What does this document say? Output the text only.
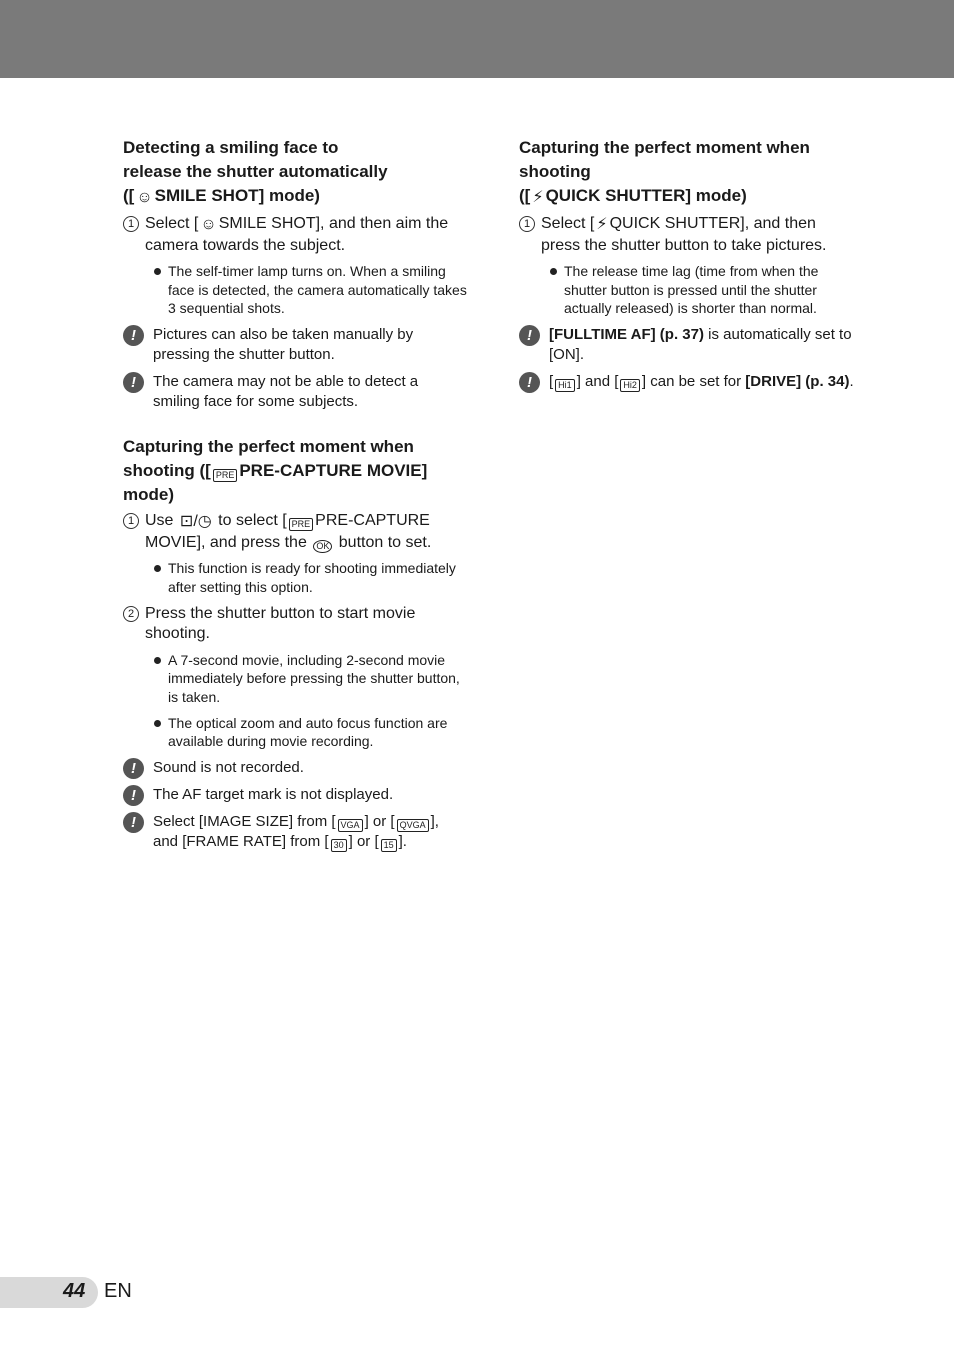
Detecting a smiling face to
release the shutter automatically
([ ☺ SMILE SHOT] mode)
1 Select [ ☺ SMILE SHOT], and then aim the camera towards the subject.
The self-timer lamp turns on. When a smiling face is detected, the camera automatically takes 3 sequential shots.
!	Pictures can also be taken manually by pressing the shutter button.
!	The camera may not be able to detect a smiling face for some subjects.
Capturing the perfect moment when shooting ([ PRE PRE-CAPTURE MOVIE] mode)
1 Use ⊡/◷ to select [ PRE PRE-CAPTURE MOVIE], and press the OK button to set.
This function is ready for shooting immediately after setting this option.
2 Press the shutter button to start movie shooting.
A 7-second movie, including 2-second movie immediately before pressing the shutter button, is taken.
The optical zoom and auto focus function are available during movie recording.
!	Sound is not recorded.
!	The AF target mark is not displayed.
!	Select [IMAGE SIZE] from [ VGA ] or [ QVGA ], and [FRAME RATE] from [ 30 ] or [ 15 ].
Capturing the perfect moment when shooting
([ ⚡ QUICK SHUTTER] mode)
1 Select [ ⚡ QUICK SHUTTER], and then press the shutter button to take pictures.
The release time lag (time from when the shutter button is pressed until the shutter actually released) is shorter than normal.
!	[FULLTIME AF] (p. 37) is automatically set to [ON].
!	[ Hi1 ] and [ Hi2 ] can be set for [DRIVE] (p. 34).
44 EN
